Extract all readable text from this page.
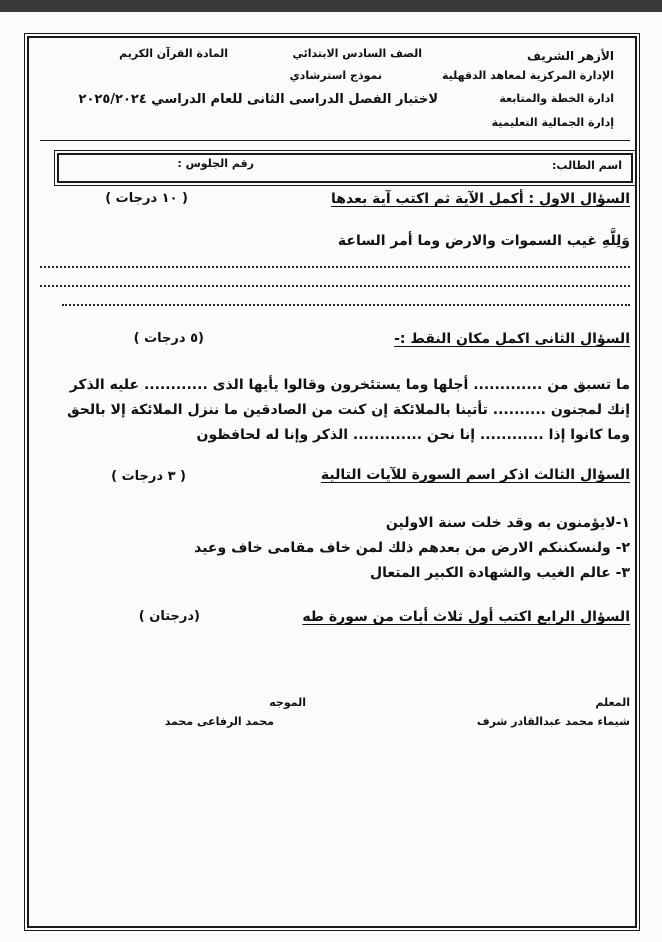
الأزهر الشريف
الإدارة المركزية لمعاهد الدقهلية
ادارة الخطة والمتابعة
إدارة الجمالية التعليمية
الصف السادس الابتدائي
نموذج استرشادي
لاختبار الفصل الدراسى الثانى للعام الدراسي ٢٠٢٥/٢٠٢٤
المادة القرآن الكريم
اسم الطالب:
رقم الجلوس :
السؤال الاول : أكمل الآية ثم اكتب آية بعدها
( ١٠ درجات )
وَلِلَّهِ غيب السموات والارض وما أمر الساعة
السؤال الثانى اكمل مكان النقط :-
(٥ درجات )
ما تسبق من ............. أجلها وما يستئخرون وقالوا يأيها الذى ............ عليه الذكر
إنك لمجنون .......... تأتينا بالملائكة إن كنت من الصادقين ما ننزل الملائكة إلا بالحق
وما كانوا إذا ............ إنا نحن ............. الذكر وإنا له لحافظون
السؤال الثالث اذكر اسم السورة للآيات التالية
( ٣ درجات )
١-لايؤمنون به وقد خلت سنة الاولين
٢- ولنسكننكم الارض من بعدهم ذلك لمن خاف مقامى خاف وعيد
٣- عالم الغيب والشهادة الكبير المتعال
السؤال الرابع اكتب أول ثلاث أيات من سورة طه
(درجتان )
المعلم
شيماء محمد عبدالقادر شرف
الموجه
محمد الرفاعى محمد
